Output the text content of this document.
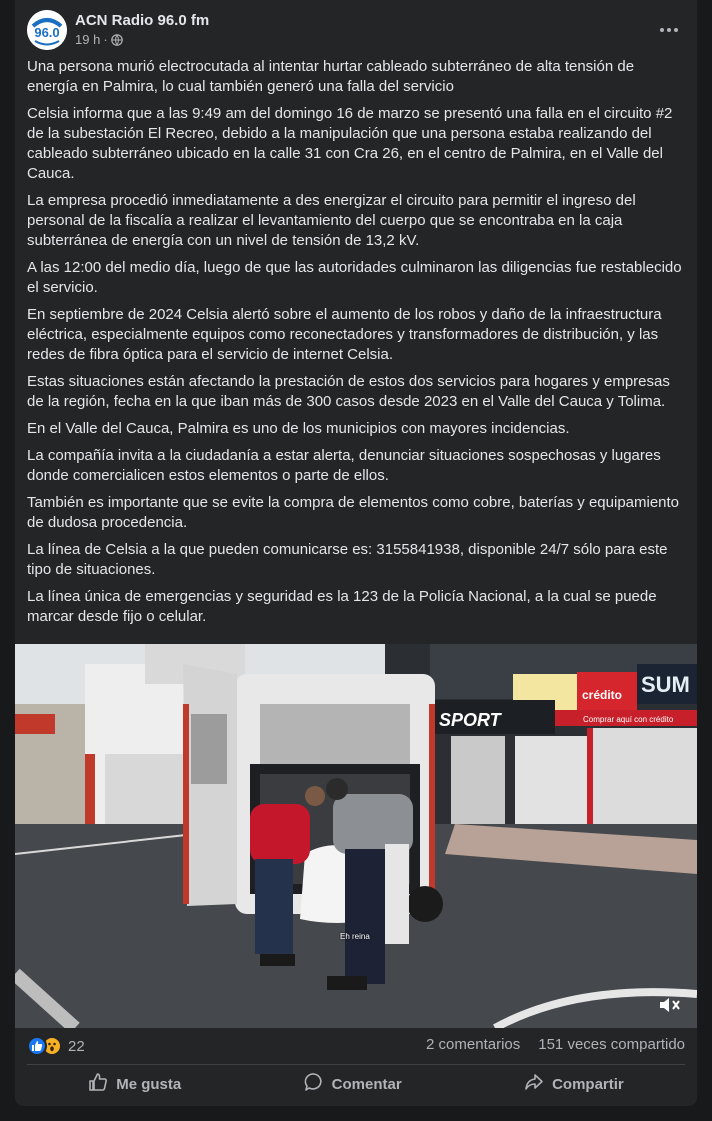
96.0
ACN Radio 96.0 fm
19 h ·

Una persona murió electrocutada al intentar hurtar cableado subterráneo de alta tensión de energía en Palmira, lo cual también generó una falla del servicio

Celsia informa que a las 9:49 am del domingo 16 de marzo se presentó una falla en el circuito #2 de la subestación El Recreo, debido a la manipulación que una persona estaba realizando del cableado subterráneo ubicado en la calle 31 con Cra 26, en el centro de Palmira, en el Valle del Cauca.

La empresa procedió inmediatamente a des energizar el circuito para permitir el ingreso del personal de la fiscalía a realizar el levantamiento del cuerpo que se encontraba en la caja subterránea de energía con un nivel de tensión de 13,2 kV.

A las 12:00 del medio día, luego de que las autoridades culminaron las diligencias fue restablecido el servicio.

En septiembre de 2024 Celsia alertó sobre el aumento de los robos y daño de la infraestructura eléctrica, especialmente equipos como reconectadores y transformadores de distribución, y las redes de fibra óptica para el servicio de internet Celsia.

Estas situaciones están afectando la prestación de estos dos servicios para hogares y empresas de la región, fecha en la que iban más de 300 casos desde 2023 en el Valle del Cauca y Tolima.

En el Valle del Cauca, Palmira es uno de los municipios con mayores incidencias.

La compañía invita a la ciudadanía a estar alerta, denunciar situaciones sospechosas y lugares donde comercialicen estos elementos o parte de ellos.

También es importante que se evite la compra de elementos como cobre, baterías y equipamiento de dudosa procedencia.

La línea de Celsia a la que pueden comunicarse es: 3155841938, disponible 24/7 sólo para este tipo de situaciones.

La línea única de emergencias y seguridad es la 123 de la Policía Nacional, a la cual se puede marcar desde fijo o celular.

crédito SUM
SPORT	Comprar aquí con crédito
Eh reina
22	2 comentarios 151 veces compartido
Me gusta	Comentar	Compartir
